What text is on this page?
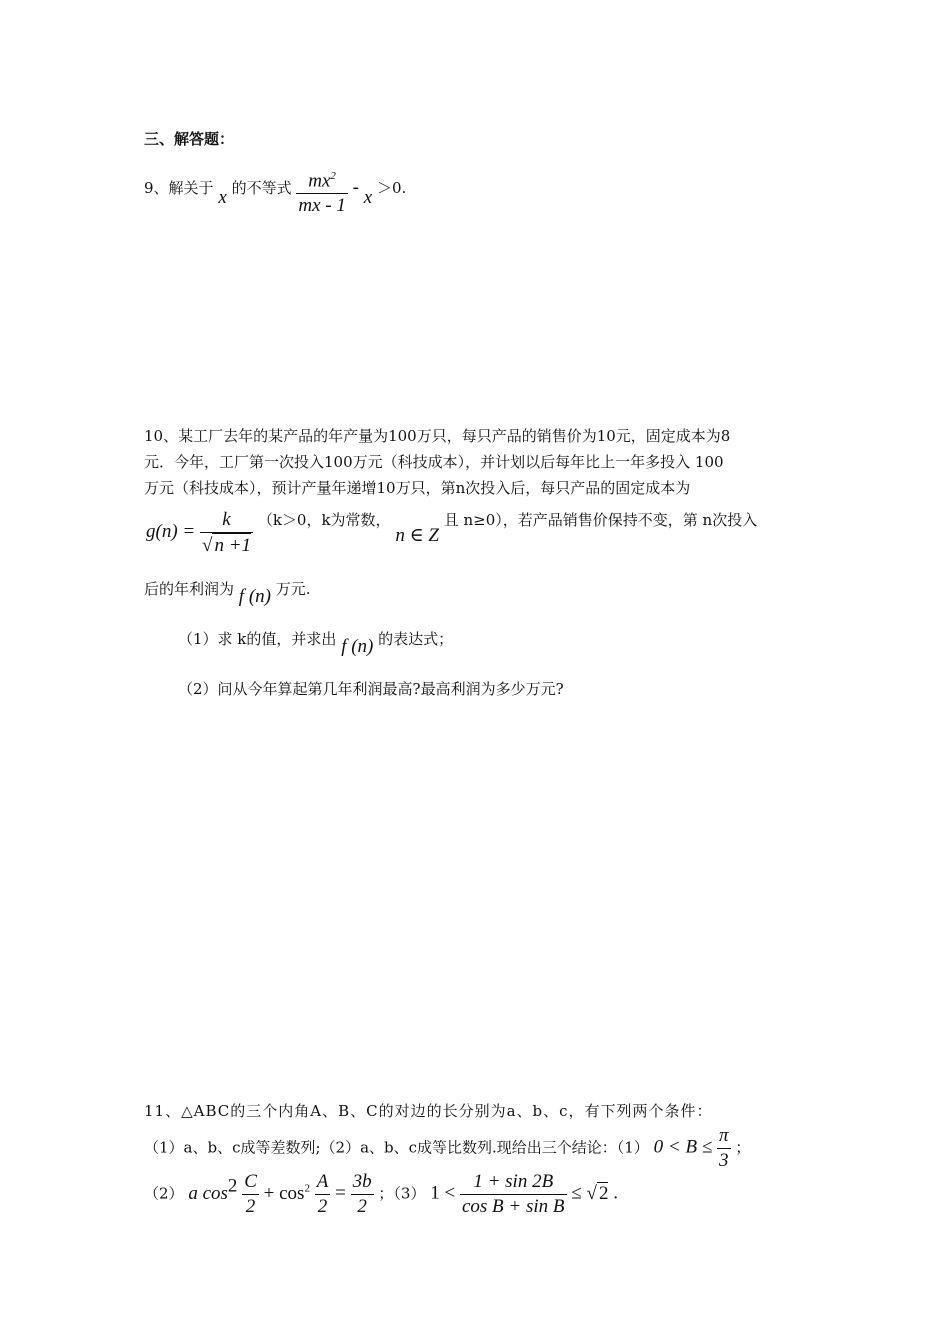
三、解答题：
9、解关于 x 的不等式 $\frac{mx^2}{mx - 1} - x >0$.
10、某工厂去年的某产品的年产量为100万只，每只产品的销售价为10元，固定成本为8
元．今年，工厂第一次投入100万元（科技成本），并计划以后每年比上一年多投入 100
万元（科技成本），预计产量年递增10万只，第n次投入后，每只产品的固定成本为
$g(n) = \frac{k}{√ n +1} (k>0$，k为常数， n ∈ Z 且 n≥0），若产品销售价保持不变，第 n次投入
后的年利润为 f (n) 万元.
（1）求 k的值，并求出 f (n) 的表达式；
（2）问从今年算起第几年利润最高?最高利润为多少万元?
11、△ABC的三个内角A、B、C的对边的长分别为a、b、c，有下列两个条件：
（1）a、b、c成等差数列;（2）a、b、c成等比数列.现给出三个结论：（1） $0 < B \le \frac{\pi}{3}$ ；
（2） a $\cos^2 \frac{C}{2} + \cos^2 \frac{A}{2} = \frac{3b}{2}$ ；（3） $1 < \frac{1 + \sin 2B}{\text{cos B + sin B}}$ ≤ √ 2 .
